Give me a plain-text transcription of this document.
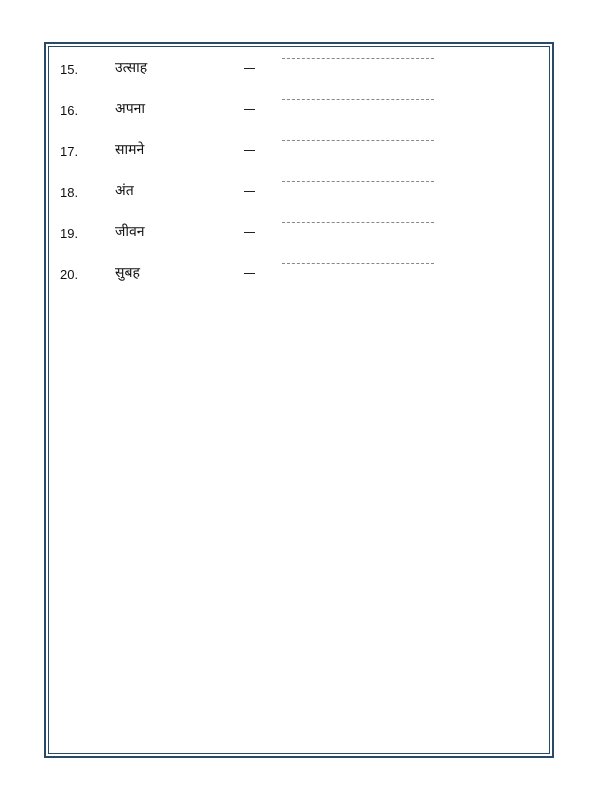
15.	उत्साह
16.	अपना
17.	सामने
18.	अंत
19.	जीवन
20.	सुबह
